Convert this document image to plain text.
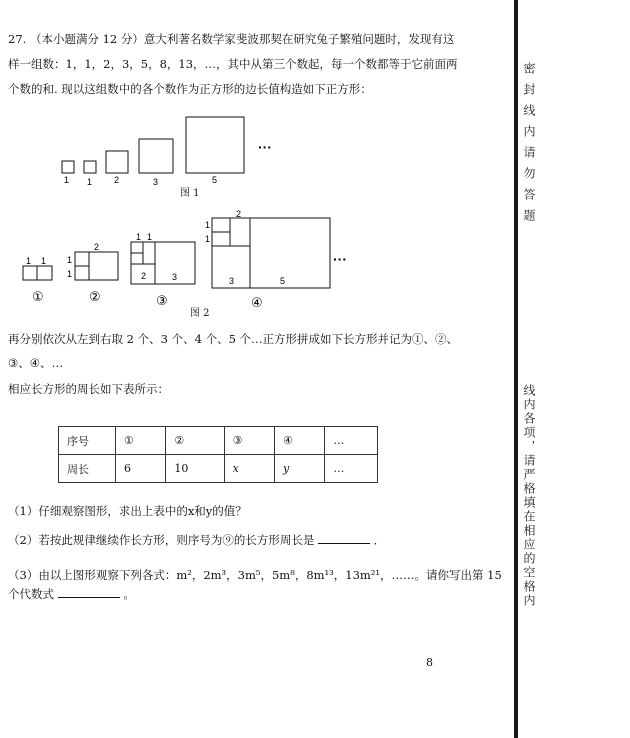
27. （本小题满分 12 分）意大利著名数学家斐波那契在研究兔子繁殖问题时，发现有这
样一组数：1，1，2，3，5，8，13，…，其中从第三个数起，每一个数都等于它前面两
个数的和. 现以这组数中的各个数作为正方形的边长值构造如下正方形：
1 1 2	3	5
···
图 1
1 1
2
1
1
1 1
2	3
2
1
1
3	5
①	②	③	④
···
图 2
再分别依次从左到右取 2 个、3 个、4 个、5 个…正方形拼成如下长方形并记为①、②、
③、④、…
相应长方形的周长如下表所示：
序号	①	②	③	④	…
周长	6	10	x	y	…
（1）仔细观察图形，求出上表中的x和y的值？
（2）若按此规律继续作长方形，则序号为⑨的长方形周长是	．
（3）由以上图形观察下列各式：m²，2m³，3m⁵，5m⁸，8m¹³，13m²¹，……。请你写出第 15
个代数式	。
8
密封线内请勿答题
线内各项，请严格填在相应的空格内
